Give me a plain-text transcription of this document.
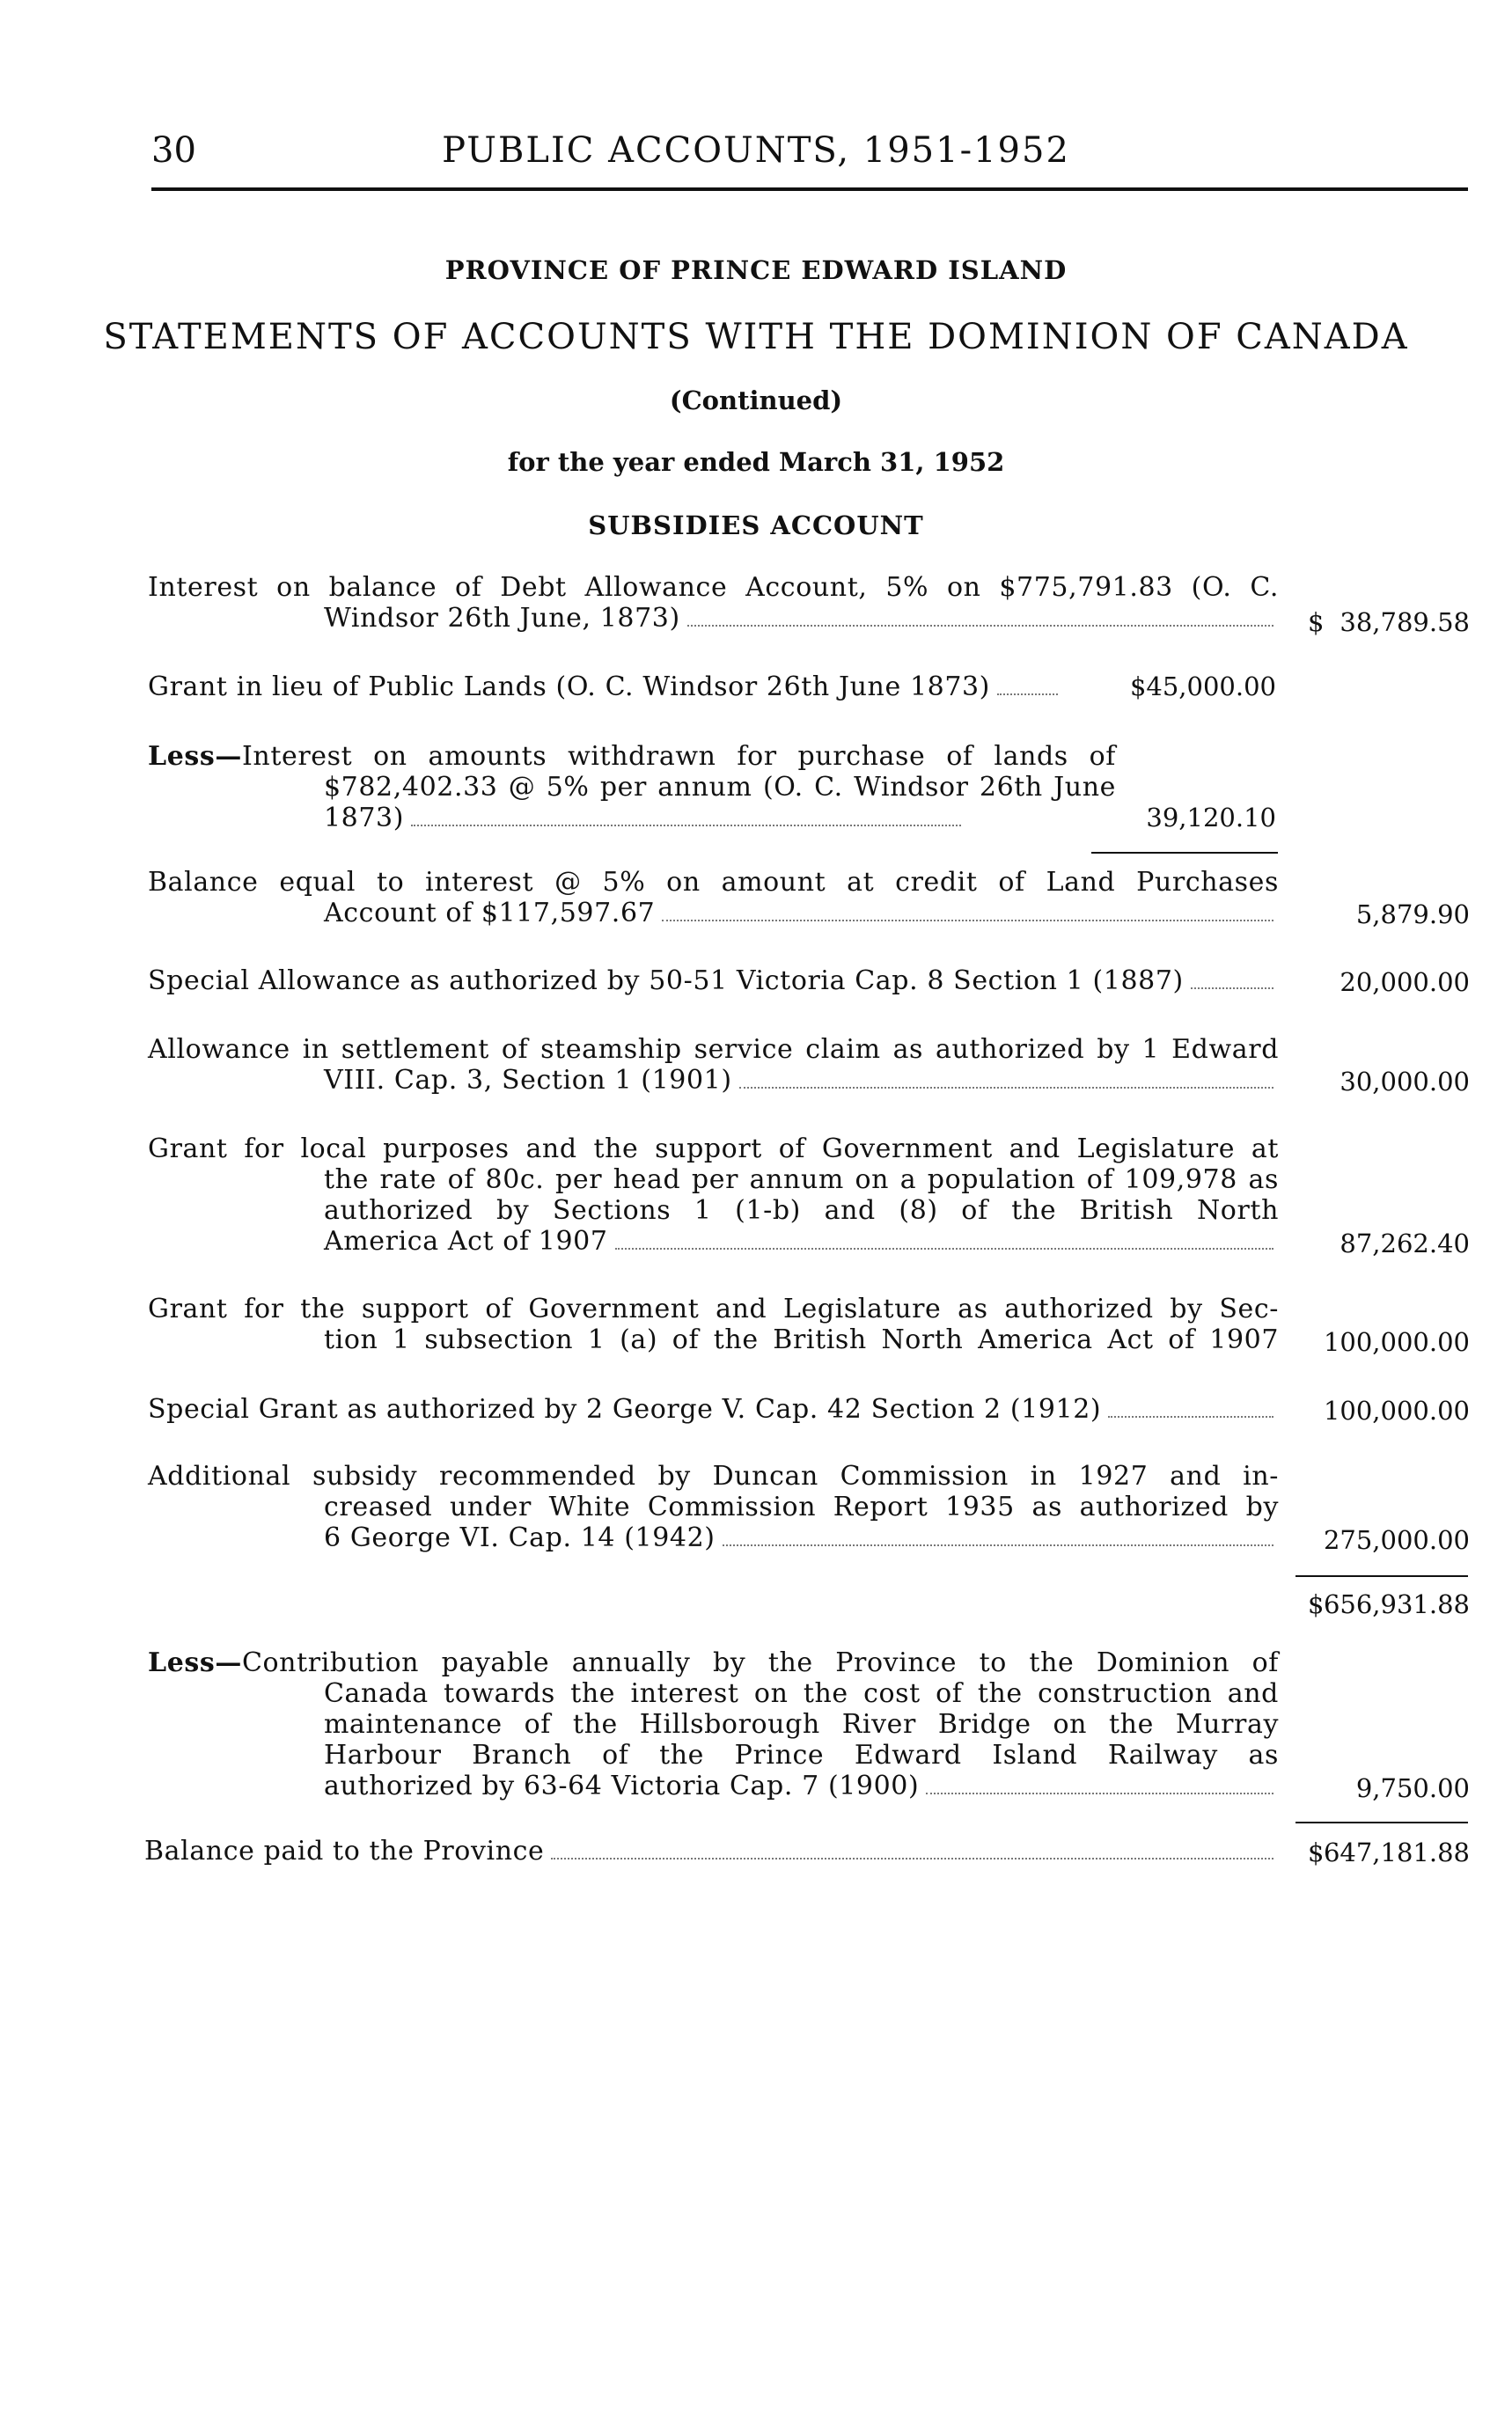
30	PUBLIC ACCOUNTS, 1951-1952
PROVINCE OF PRINCE EDWARD ISLAND
STATEMENTS OF ACCOUNTS WITH THE DOMINION OF CANADA
(Continued)
for the year ended March 31, 1952
SUBSIDIES ACCOUNT
Interest on balance of Debt Allowance Account, 5% on $775,791.83 (O. C.
Windsor 26th June, 1873)	$ 38,789.58
Grant in lieu of Public Lands (O. C. Windsor 26th June 1873)	$45,000.00
Less— Interest on amounts withdrawn for purchase of lands of
$782,402.33 @ 5% per annum (O. C. Windsor 26th June
1873)	39,120.10
Balance equal to interest @ 5% on amount at credit of Land Purchases
Account of $117,597.67	5,879.90
Special Allowance as authorized by 50-51 Victoria Cap. 8 Section 1 (1887)	20,000.00
Allowance in settlement of steamship service claim as authorized by 1 Edward
VIII. Cap. 3, Section 1 (1901)	30,000.00
Grant for local purposes and the support of Government and Legislature at
the rate of 80c. per head per annum on a population of 109,978 as
authorized by Sections 1 (1-b) and (8) of the British North
America Act of 1907	87,262.40
Grant for the support of Government and Legislature as authorized by Sec-
tion 1 subsection 1 (a) of the British North America Act of 1907	100,000.00
Special Grant as authorized by 2 George V. Cap. 42 Section 2 (1912)	100,000.00
Additional subsidy recommended by Duncan Commission in 1927 and in-
creased under White Commission Report 1935 as authorized by
6 George VI. Cap. 14 (1942)	275,000.00
$ 656,931.88
Less— Contribution payable annually by the Province to the Dominion of
Canada towards the interest on the cost of the construction and
maintenance of the Hillsborough River Bridge on the Murray
Harbour Branch of the Prince Edward Island Railway as
authorized by 63-64 Victoria Cap. 7 (1900)	9,750.00
Balance paid to the Province	$ 647,181.88
